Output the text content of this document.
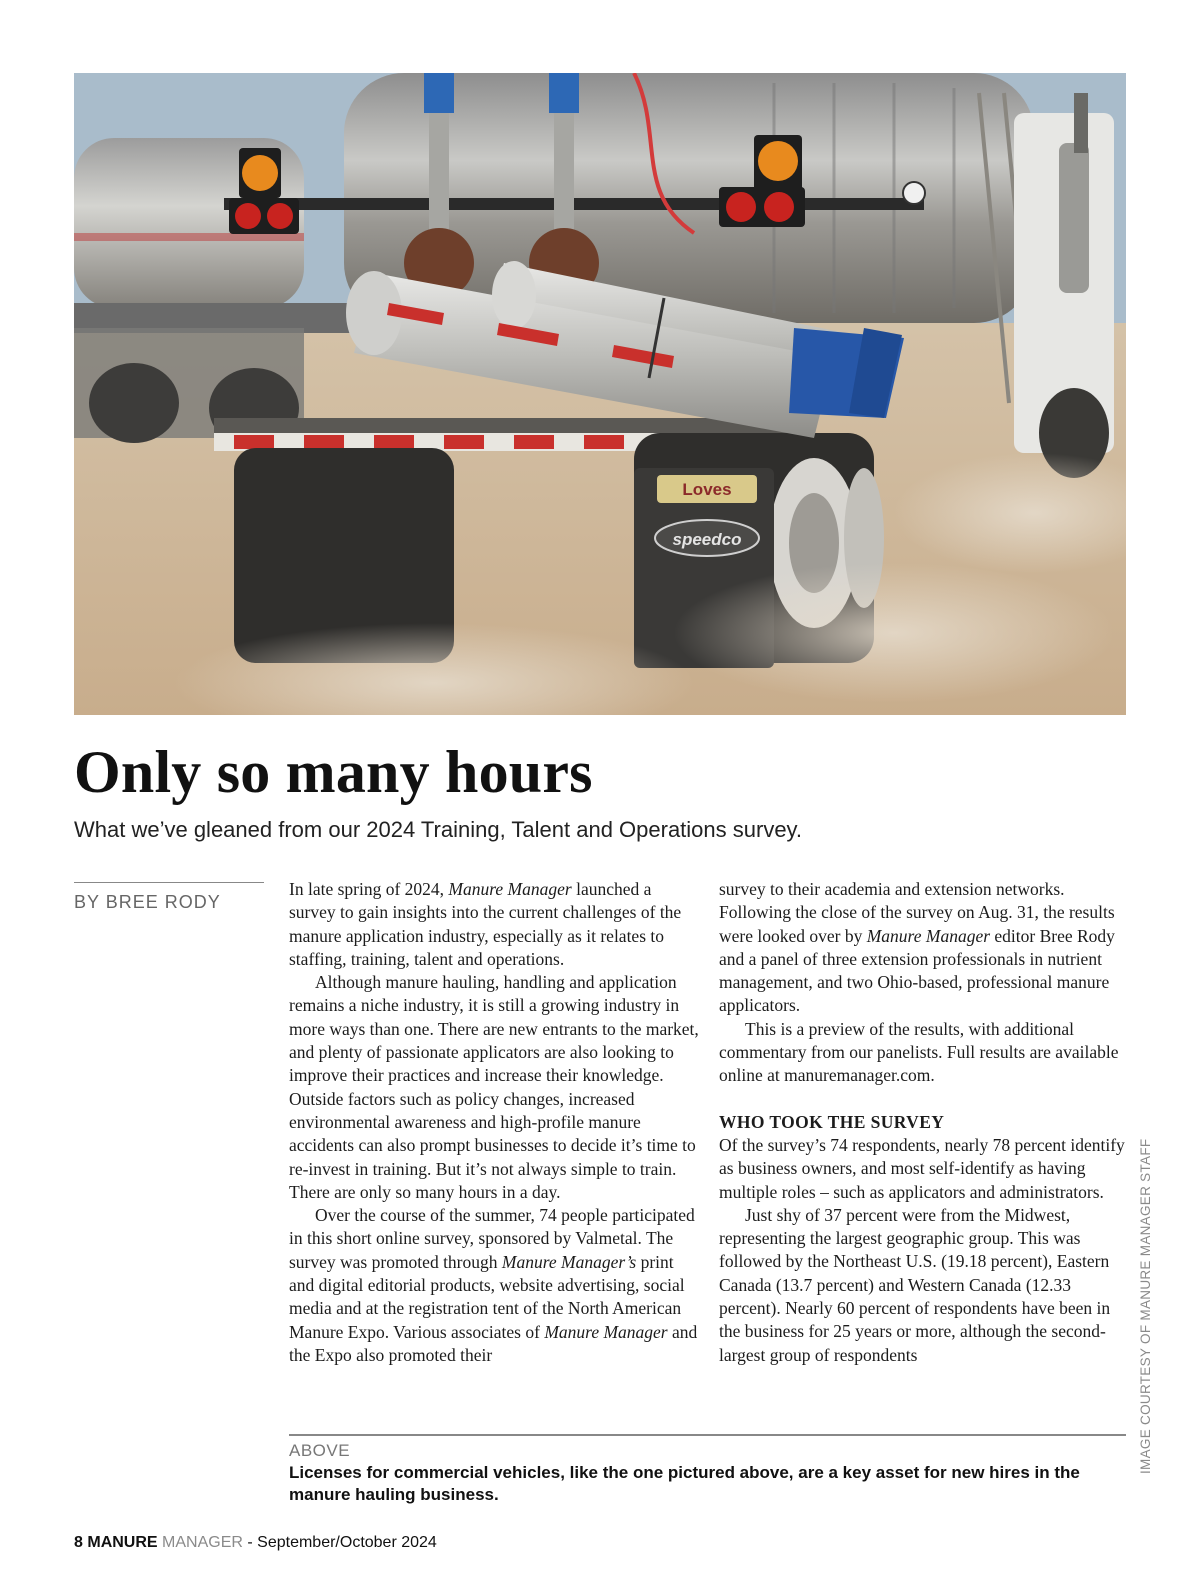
Loves
speedco
Only so many hours
What we’ve gleaned from our 2024 Training, Talent and Operations survey.
BY BREE RODY

In late spring of 2024, Manure Manager launched a survey to gain insights into the current challenges of the manure application industry, especially as it relates to staffing, training, talent and operations.

Although manure hauling, handling and application remains a niche industry, it is still a growing industry in more ways than one. There are new entrants to the market, and plenty of passionate applicators are also looking to improve their practices and increase their knowledge. Outside factors such as policy changes, increased environmental awareness and high-profile manure accidents can also prompt businesses to decide it’s time to re-invest in training. But it’s not always simple to train. There are only so many hours in a day.

Over the course of the summer, 74 people participated in this short online survey, sponsored by Valmetal. The survey was promoted through Manure Manager’s print and digital editorial products, website advertising, social media and at the registration tent of the North American Manure Expo. Various associates of Manure Manager and the Expo also promoted their

survey to their academia and extension networks. Following the close of the survey on Aug. 31, the results were looked over by Manure Manager editor Bree Rody and a panel of three extension professionals in nutrient management, and two Ohio-based, professional manure applicators.

This is a preview of the results, with additional commentary from our panelists. Full results are available online at manuremanager.com.

WHO TOOK THE SURVEY

Of the survey’s 74 respondents, nearly 78 percent identify as business owners, and most self-identify as having multiple roles – such as applicators and administrators.

Just shy of 37 percent were from the Midwest, representing the largest geographic group. This was followed by the Northeast U.S. (19.18 percent), Eastern Canada (13.7 percent) and Western Canada (12.33 percent). Nearly 60 percent of respondents have been in the business for 25 years or more, although the second-largest group of respondents

ABOVE
Licenses for commercial vehicles, like the one pictured above, are a key asset for new hires in the manure hauling business.
IMAGE COURTESY OF MANURE MANAGER STAFF
8 MANURE MANAGER - September/October 2024
